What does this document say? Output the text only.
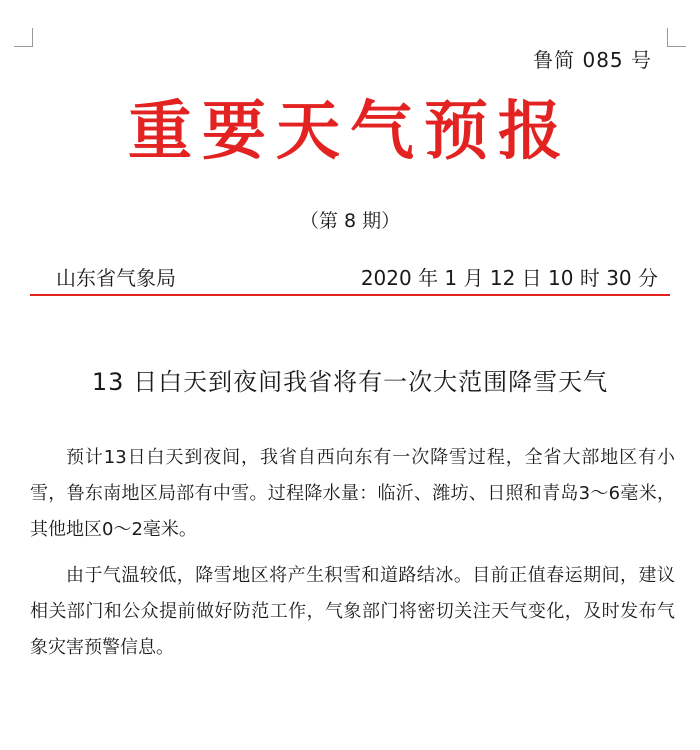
鲁简 085 号
重要天气预报
（第 8 期）
山东省气象局	2020 年 1 月 12 日 10 时 30 分
13 日白天到夜间我省将有一次大范围降雪天气

预计13日白天到夜间，我省自西向东有一次降雪过程，全省大部地区有小雪，鲁东南地区局部有中雪。过程降水量：临沂、潍坊、日照和青岛3～6毫米，其他地区0～2毫米。

由于气温较低，降雪地区将产生积雪和道路结冰。目前正值春运期间，建议相关部门和公众提前做好防范工作，气象部门将密切关注天气变化，及时发布气象灾害预警信息。
